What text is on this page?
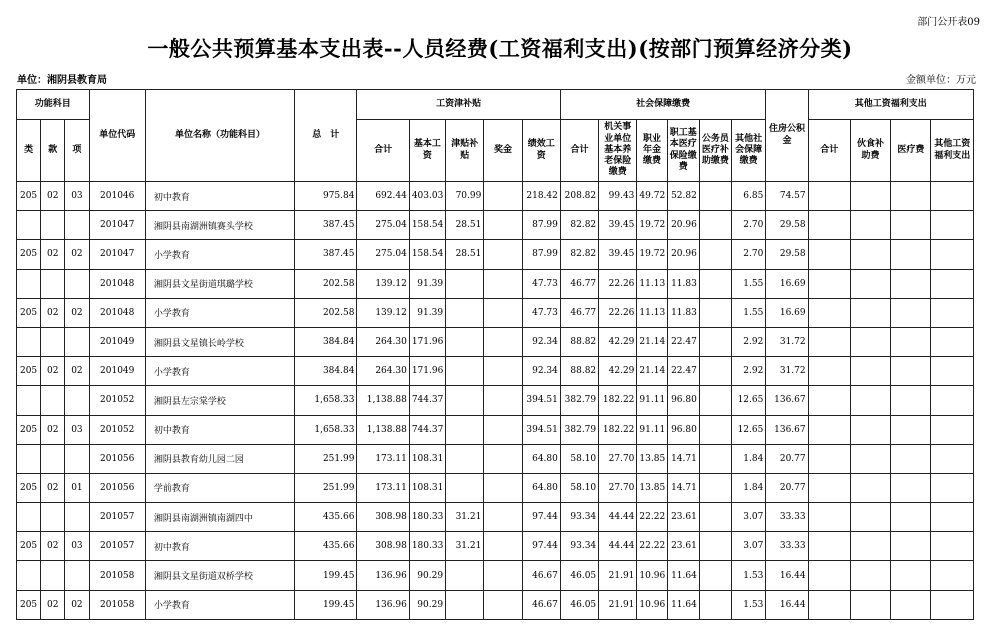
部门公开表09
一般公共预算基本支出表--人员经费(工资福利支出)(按部门预算经济分类)
单位：湘阴县教育局	金额单位：万元
功能科目			单位代码	单位名称（功能科目）	总　计	工资津补贴					社会保障缴费						住房公积金	其他工资福利支出			
类	款	项				合计	基本工资	津贴补贴	奖金	绩效工资	合计	机关事业单位基本养老保险缴费	职业年金缴费	职工基本医疗保险缴费	公务员医疗补助缴费	其他社会保障缴费		合计	伙食补助费	医疗费	其他工资福利支出
205	02	03	201046	初中教育	975.84	692.44	403.03	70.99		218.42	208.82	99.43	49.72	52.82		6.85	74.57				
			201047	湘阴县南湖洲镇赛头学校	387.45	275.04	158.54	28.51		87.99	82.82	39.45	19.72	20.96		2.70	29.58				
205	02	02	201047	小学教育	387.45	275.04	158.54	28.51		87.99	82.82	39.45	19.72	20.96		2.70	29.58				
			201048	湘阴县文星街道琪璐学校	202.58	139.12	91.39			47.73	46.77	22.26	11.13	11.83		1.55	16.69				
205	02	02	201048	小学教育	202.58	139.12	91.39			47.73	46.77	22.26	11.13	11.83		1.55	16.69				
			201049	湘阴县文星镇长岭学校	384.84	264.30	171.96			92.34	88.82	42.29	21.14	22.47		2.92	31.72				
205	02	02	201049	小学教育	384.84	264.30	171.96			92.34	88.82	42.29	21.14	22.47		2.92	31.72				
			201052	湘阴县左宗棠学校	1,658.33	1,138.88	744.37			394.51	382.79	182.22	91.11	96.80		12.65	136.67				
205	02	03	201052	初中教育	1,658.33	1,138.88	744.37			394.51	382.79	182.22	91.11	96.80		12.65	136.67				
			201056	湘阴县教育幼儿园二园	251.99	173.11	108.31			64.80	58.10	27.70	13.85	14.71		1.84	20.77				
205	02	01	201056	学前教育	251.99	173.11	108.31			64.80	58.10	27.70	13.85	14.71		1.84	20.77				
			201057	湘阴县南湖洲镇南湖四中	435.66	308.98	180.33	31.21		97.44	93.34	44.44	22.22	23.61		3.07	33.33				
205	02	03	201057	初中教育	435.66	308.98	180.33	31.21		97.44	93.34	44.44	22.22	23.61		3.07	33.33				
			201058	湘阴县文星街道双桥学校	199.45	136.96	90.29			46.67	46.05	21.91	10.96	11.64		1.53	16.44				
205	02	02	201058	小学教育	199.45	136.96	90.29			46.67	46.05	21.91	10.96	11.64		1.53	16.44				
